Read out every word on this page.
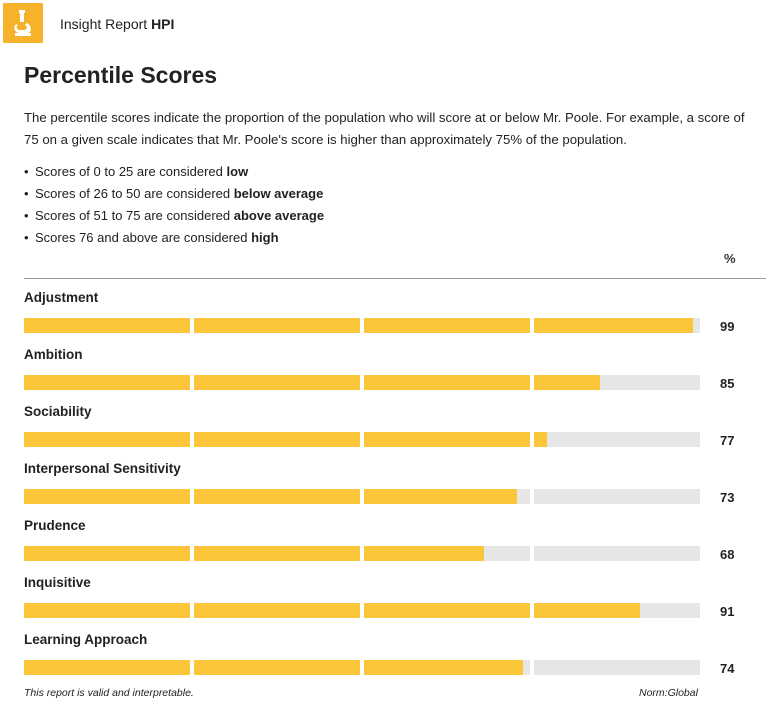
Insight Report HPI
Percentile Scores

The percentile scores indicate the proportion of the population who will score at or below Mr. Poole. For example, a score of 75 on a given scale indicates that Mr. Poole's score is higher than approximately 75% of the population.

• Scores of 0 to 25 are considered low
• Scores of 26 to 50 are considered below average
• Scores of 51 to 75 are considered above average
• Scores 76 and above are considered high
%
Adjustment
99
Ambition
85
Sociability
77
Interpersonal Sensitivity
73
Prudence
68
Inquisitive
91
Learning Approach
74
This report is valid and interpretable.	Norm:Global
